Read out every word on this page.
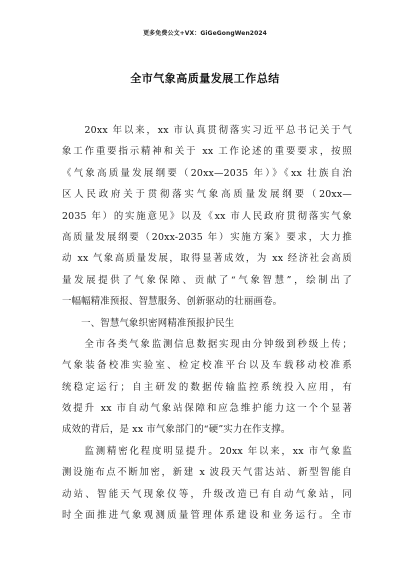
更多免费公文+VX：GiGeGongWen2024
全市气象高质量发展工作总结
　　20xx 年以来，xx 市认真贯彻落实习近平总书记关于气
象工作重要指示精神和关于 xx 工作论述的重要要求，按照
《气象高质量发展纲要（20xx—2035 年）》《xx 壮族自治
区人民政府关于贯彻落实气象高质量发展纲要（20xx—
2035 年）的实施意见》以及《xx 市人民政府贯彻落实气象
高质量发展纲要（20xx-2035 年）实施方案》要求，大力推
动 xx 气象高质量发展，取得显著成效，为 xx 经济社会高质
量发展提供了气象保障、贡献了“气象智慧”，绘制出了
一幅幅精准预报、智慧服务、创新驱动的壮丽画卷。
　　一、智慧气象织密网精准预报护民生
　　全市各类气象监测信息数据实现由分钟级到秒级上传；
气象装备校准实验室、检定校准平台以及车载移动校准系
统稳定运行；自主研发的数据传输监控系统投入应用，有
效提升 xx 市自动气象站保障和应急维护能力这一个个显著
成效的背后，是 xx 市气象部门的“硬”实力在作支撑。
　　监测精密化程度明显提升。20xx 年以来，xx 市气象监
测设施布点不断加密，新建 x 波段天气雷达站、新型智能自
动站、智能天气现象仪等，升级改造已有自动气象站，同
时全面推进气象观测质量管理体系建设和业务运行。全市
